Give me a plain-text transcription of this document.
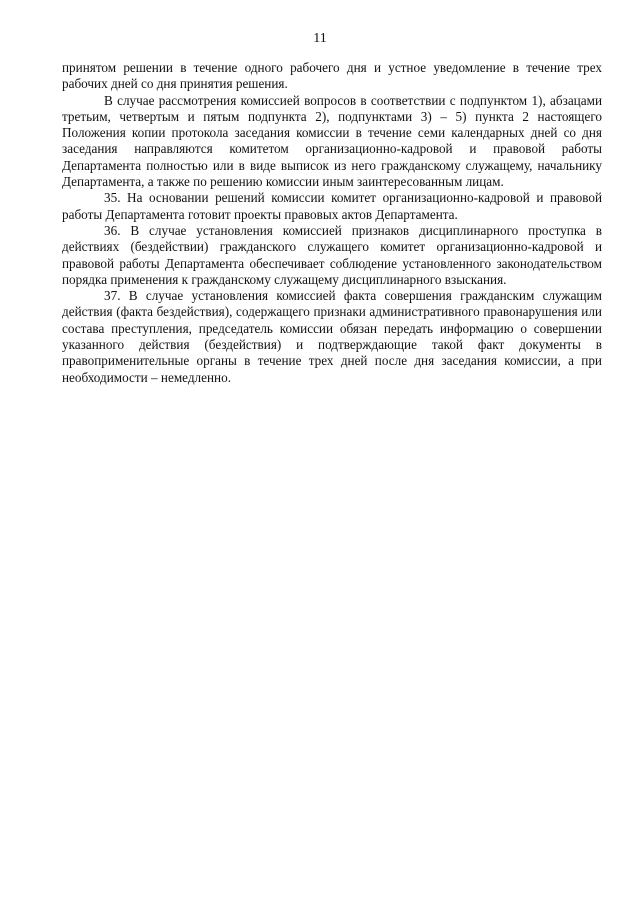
11

принятом решении в течение одного рабочего дня и устное уведомление в течение трех рабочих дней со дня принятия решения.

В случае рассмотрения комиссией вопросов в соответствии с подпунктом 1), абзацами третьим, четвертым и пятым подпункта 2), подпунктами 3) – 5) пункта 2 настоящего Положения копии протокола заседания комиссии в течение семи календарных дней со дня заседания направляются комитетом организационно-кадровой и правовой работы Департамента полностью или в виде выписок из него гражданскому служащему, начальнику Департамента, а также по решению комиссии иным заинтересованным лицам.

35. На основании решений комиссии комитет организационно-кадровой и правовой работы Департамента готовит проекты правовых актов Департамента.

36. В случае установления комиссией признаков дисциплинарного проступка в действиях (бездействии) гражданского служащего комитет организационно-кадровой и правовой работы Департамента обеспечивает соблюдение установленного законодательством порядка применения к гражданскому служащему дисциплинарного взыскания.

37. В случае установления комиссией факта совершения гражданским служащим действия (факта бездействия), содержащего признаки административного правонарушения или состава преступления, председатель комиссии обязан передать информацию о совершении указанного действия (бездействия) и подтверждающие такой факт документы в правоприменительные органы в течение трех дней после дня заседания комиссии, а при необходимости – немедленно.
